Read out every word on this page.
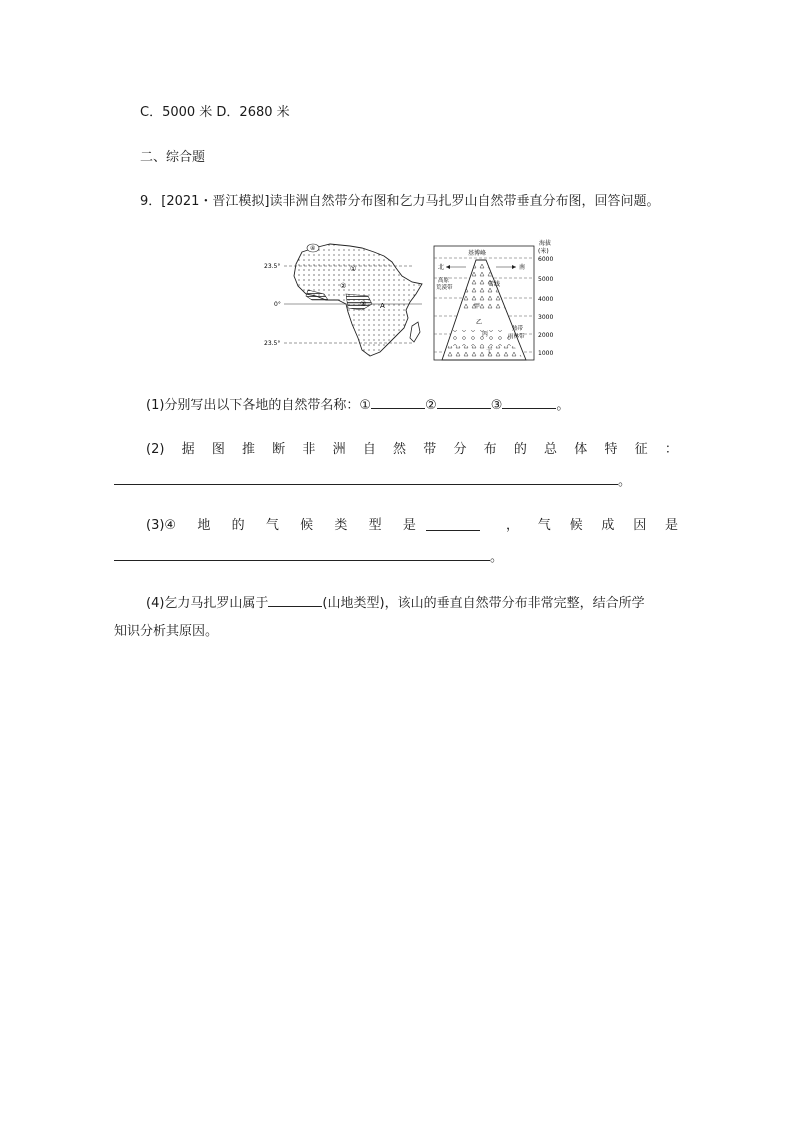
C．5000 米 D．2680 米
二、综合题
9．[2021・晋江模拟]读非洲自然带分布图和乞力马扎罗山自然带垂直分布图，回答问题。
23.5°
0°
23.5°
④
①
②
③ A
基博峰
北	南
雪线
高原
荒漠带
甲
乙
丙
丁
热带
雨林带
海拔
(米)
6000
5000
4000
3000
2000
1000
(1)分别写出以下各地的自然带名称：①	②	③	。
(2) 据 图 推 断 非 洲 自 然 带 分 布 的 总 体 特 征 ：
。
(3)④ 地 的 气 候 类 型 是	， 气 候 成 因 是
。
(4)乞力马扎罗山属于	(山地类型)，该山的垂直自然带分布非常完整，结合所学
知识分析其原因。
